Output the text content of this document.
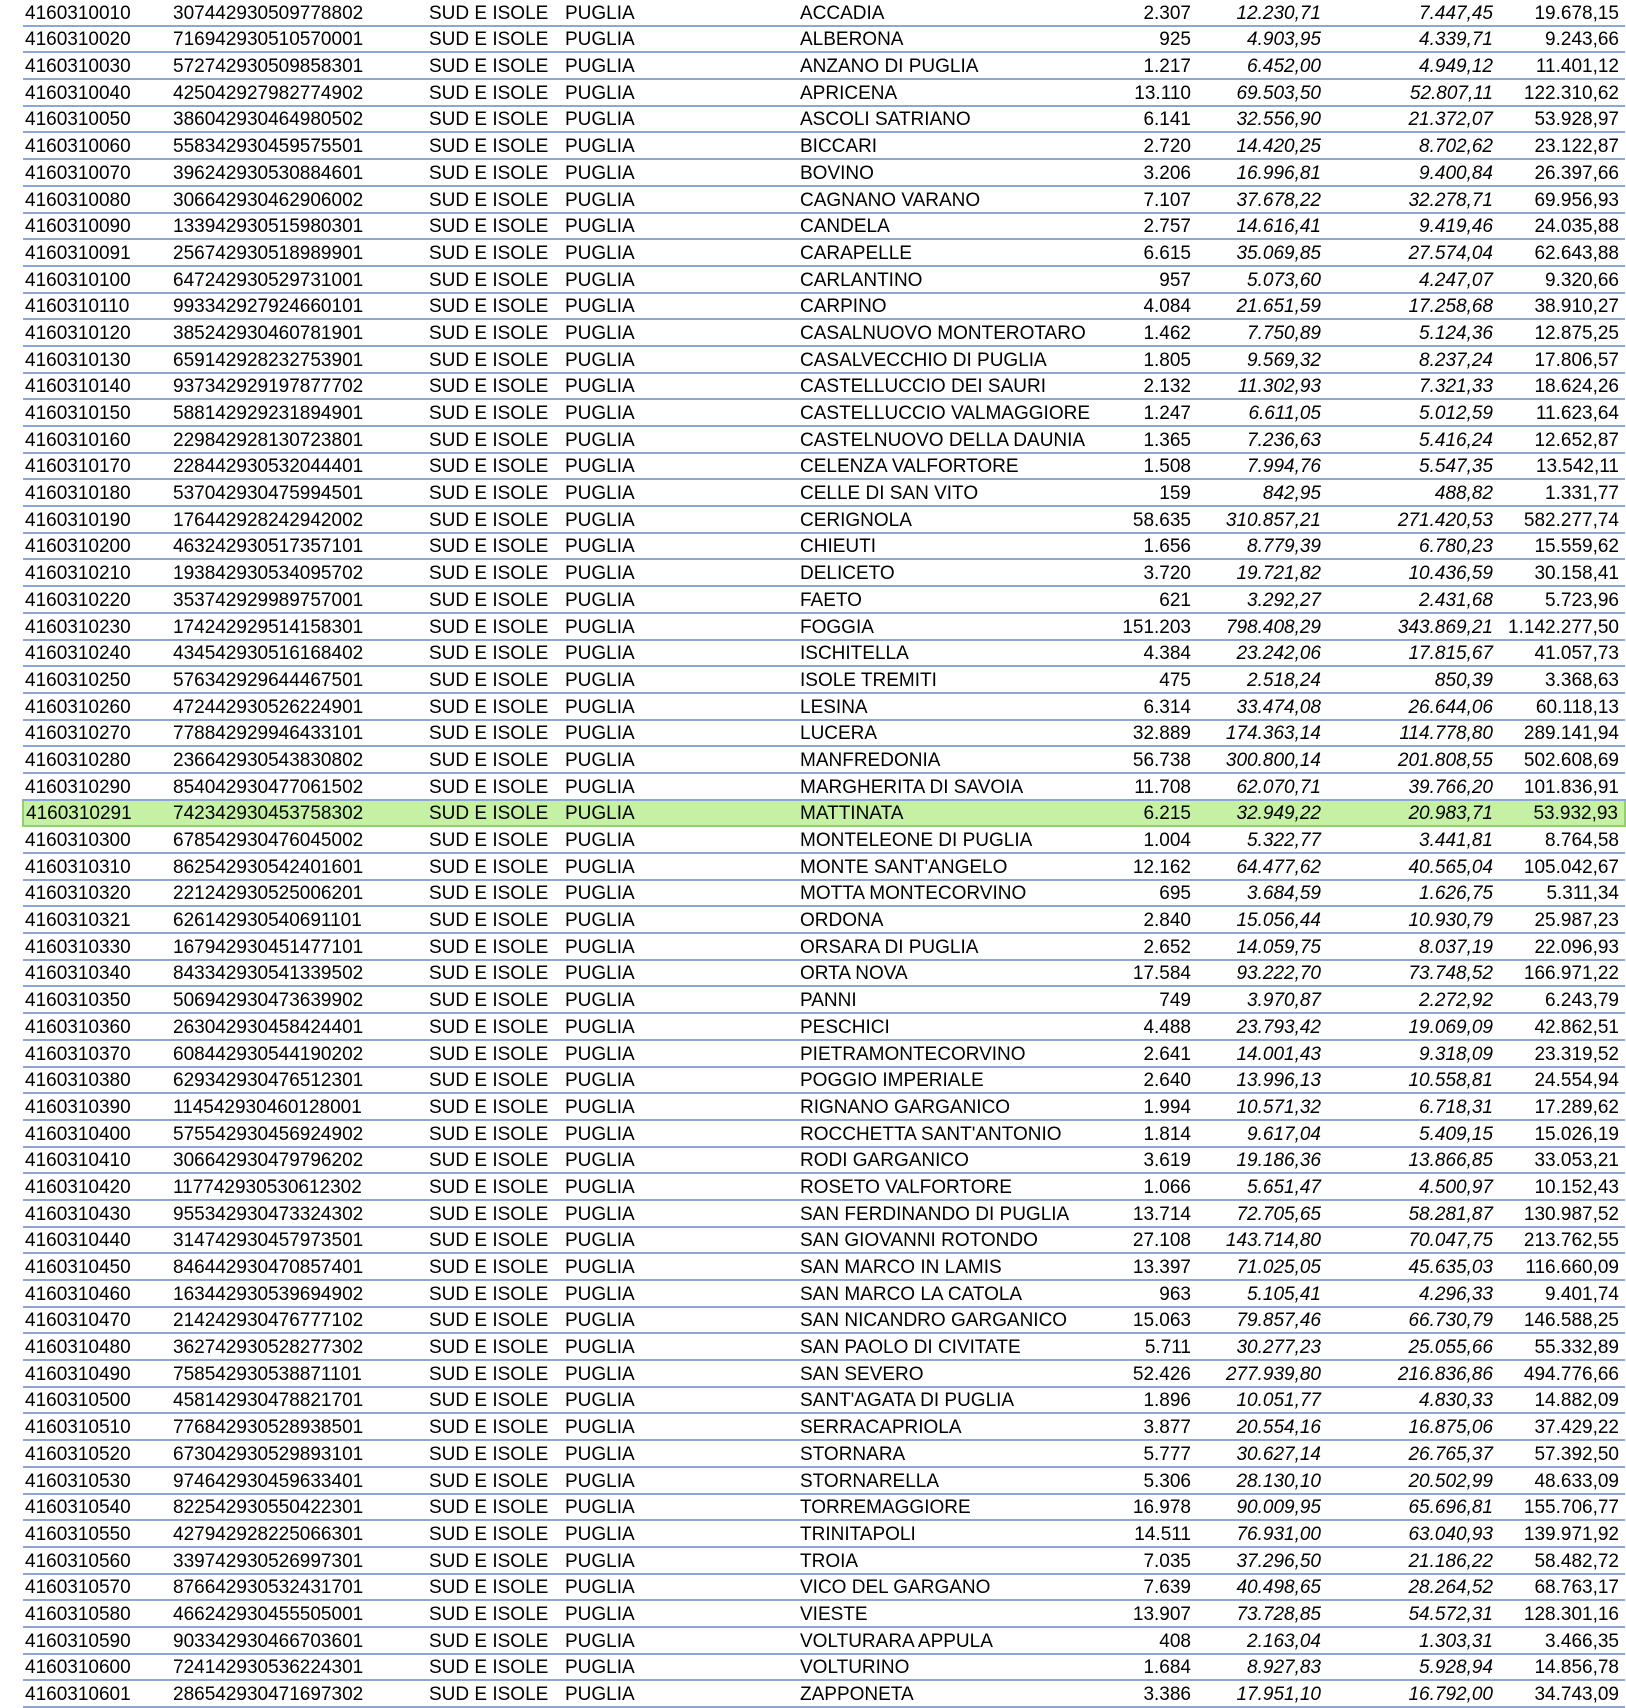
4160310010	307442930509778802	SUD E ISOLE	PUGLIA	ACCADIA	2.307	12.230,71	7.447,45	19.678,15
4160310020	716942930510570001	SUD E ISOLE	PUGLIA	ALBERONA	925	4.903,95	4.339,71	9.243,66
4160310030	572742930509858301	SUD E ISOLE	PUGLIA	ANZANO DI PUGLIA	1.217	6.452,00	4.949,12	11.401,12
4160310040	425042927982774902	SUD E ISOLE	PUGLIA	APRICENA	13.110	69.503,50	52.807,11	122.310,62
4160310050	386042930464980502	SUD E ISOLE	PUGLIA	ASCOLI SATRIANO	6.141	32.556,90	21.372,07	53.928,97
4160310060	558342930459575501	SUD E ISOLE	PUGLIA	BICCARI	2.720	14.420,25	8.702,62	23.122,87
4160310070	396242930530884601	SUD E ISOLE	PUGLIA	BOVINO	3.206	16.996,81	9.400,84	26.397,66
4160310080	306642930462906002	SUD E ISOLE	PUGLIA	CAGNANO VARANO	7.107	37.678,22	32.278,71	69.956,93
4160310090	133942930515980301	SUD E ISOLE	PUGLIA	CANDELA	2.757	14.616,41	9.419,46	24.035,88
4160310091	256742930518989901	SUD E ISOLE	PUGLIA	CARAPELLE	6.615	35.069,85	27.574,04	62.643,88
4160310100	647242930529731001	SUD E ISOLE	PUGLIA	CARLANTINO	957	5.073,60	4.247,07	9.320,66
4160310110	993342927924660101	SUD E ISOLE	PUGLIA	CARPINO	4.084	21.651,59	17.258,68	38.910,27
4160310120	385242930460781901	SUD E ISOLE	PUGLIA	CASALNUOVO MONTEROTARO	1.462	7.750,89	5.124,36	12.875,25
4160310130	659142928232753901	SUD E ISOLE	PUGLIA	CASALVECCHIO DI PUGLIA	1.805	9.569,32	8.237,24	17.806,57
4160310140	937342929197877702	SUD E ISOLE	PUGLIA	CASTELLUCCIO DEI SAURI	2.132	11.302,93	7.321,33	18.624,26
4160310150	588142929231894901	SUD E ISOLE	PUGLIA	CASTELLUCCIO VALMAGGIORE	1.247	6.611,05	5.012,59	11.623,64
4160310160	229842928130723801	SUD E ISOLE	PUGLIA	CASTELNUOVO DELLA DAUNIA	1.365	7.236,63	5.416,24	12.652,87
4160310170	228442930532044401	SUD E ISOLE	PUGLIA	CELENZA VALFORTORE	1.508	7.994,76	5.547,35	13.542,11
4160310180	537042930475994501	SUD E ISOLE	PUGLIA	CELLE DI SAN VITO	159	842,95	488,82	1.331,77
4160310190	176442928242942002	SUD E ISOLE	PUGLIA	CERIGNOLA	58.635	310.857,21	271.420,53	582.277,74
4160310200	463242930517357101	SUD E ISOLE	PUGLIA	CHIEUTI	1.656	8.779,39	6.780,23	15.559,62
4160310210	193842930534095702	SUD E ISOLE	PUGLIA	DELICETO	3.720	19.721,82	10.436,59	30.158,41
4160310220	353742929989757001	SUD E ISOLE	PUGLIA	FAETO	621	3.292,27	2.431,68	5.723,96
4160310230	174242929514158301	SUD E ISOLE	PUGLIA	FOGGIA	151.203	798.408,29	343.869,21	1.142.277,50
4160310240	434542930516168402	SUD E ISOLE	PUGLIA	ISCHITELLA	4.384	23.242,06	17.815,67	41.057,73
4160310250	576342929644467501	SUD E ISOLE	PUGLIA	ISOLE TREMITI	475	2.518,24	850,39	3.368,63
4160310260	472442930526224901	SUD E ISOLE	PUGLIA	LESINA	6.314	33.474,08	26.644,06	60.118,13
4160310270	778842929946433101	SUD E ISOLE	PUGLIA	LUCERA	32.889	174.363,14	114.778,80	289.141,94
4160310280	236642930543830802	SUD E ISOLE	PUGLIA	MANFREDONIA	56.738	300.800,14	201.808,55	502.608,69
4160310290	854042930477061502	SUD E ISOLE	PUGLIA	MARGHERITA DI SAVOIA	11.708	62.070,71	39.766,20	101.836,91
4160310291	742342930453758302	SUD E ISOLE	PUGLIA	MATTINATA	6.215	32.949,22	20.983,71	53.932,93
4160310300	678542930476045002	SUD E ISOLE	PUGLIA	MONTELEONE DI PUGLIA	1.004	5.322,77	3.441,81	8.764,58
4160310310	862542930542401601	SUD E ISOLE	PUGLIA	MONTE SANT'ANGELO	12.162	64.477,62	40.565,04	105.042,67
4160310320	221242930525006201	SUD E ISOLE	PUGLIA	MOTTA MONTECORVINO	695	3.684,59	1.626,75	5.311,34
4160310321	626142930540691101	SUD E ISOLE	PUGLIA	ORDONA	2.840	15.056,44	10.930,79	25.987,23
4160310330	167942930451477101	SUD E ISOLE	PUGLIA	ORSARA DI PUGLIA	2.652	14.059,75	8.037,19	22.096,93
4160310340	843342930541339502	SUD E ISOLE	PUGLIA	ORTA NOVA	17.584	93.222,70	73.748,52	166.971,22
4160310350	506942930473639902	SUD E ISOLE	PUGLIA	PANNI	749	3.970,87	2.272,92	6.243,79
4160310360	263042930458424401	SUD E ISOLE	PUGLIA	PESCHICI	4.488	23.793,42	19.069,09	42.862,51
4160310370	608442930544190202	SUD E ISOLE	PUGLIA	PIETRAMONTECORVINO	2.641	14.001,43	9.318,09	23.319,52
4160310380	629342930476512301	SUD E ISOLE	PUGLIA	POGGIO IMPERIALE	2.640	13.996,13	10.558,81	24.554,94
4160310390	114542930460128001	SUD E ISOLE	PUGLIA	RIGNANO GARGANICO	1.994	10.571,32	6.718,31	17.289,62
4160310400	575542930456924902	SUD E ISOLE	PUGLIA	ROCCHETTA SANT'ANTONIO	1.814	9.617,04	5.409,15	15.026,19
4160310410	306642930479796202	SUD E ISOLE	PUGLIA	RODI GARGANICO	3.619	19.186,36	13.866,85	33.053,21
4160310420	117742930530612302	SUD E ISOLE	PUGLIA	ROSETO VALFORTORE	1.066	5.651,47	4.500,97	10.152,43
4160310430	955342930473324302	SUD E ISOLE	PUGLIA	SAN FERDINANDO DI PUGLIA	13.714	72.705,65	58.281,87	130.987,52
4160310440	314742930457973501	SUD E ISOLE	PUGLIA	SAN GIOVANNI ROTONDO	27.108	143.714,80	70.047,75	213.762,55
4160310450	846442930470857401	SUD E ISOLE	PUGLIA	SAN MARCO IN LAMIS	13.397	71.025,05	45.635,03	116.660,09
4160310460	163442930539694902	SUD E ISOLE	PUGLIA	SAN MARCO LA CATOLA	963	5.105,41	4.296,33	9.401,74
4160310470	214242930476777102	SUD E ISOLE	PUGLIA	SAN NICANDRO GARGANICO	15.063	79.857,46	66.730,79	146.588,25
4160310480	362742930528277302	SUD E ISOLE	PUGLIA	SAN PAOLO DI CIVITATE	5.711	30.277,23	25.055,66	55.332,89
4160310490	758542930538871101	SUD E ISOLE	PUGLIA	SAN SEVERO	52.426	277.939,80	216.836,86	494.776,66
4160310500	458142930478821701	SUD E ISOLE	PUGLIA	SANT'AGATA DI PUGLIA	1.896	10.051,77	4.830,33	14.882,09
4160310510	776842930528938501	SUD E ISOLE	PUGLIA	SERRACAPRIOLA	3.877	20.554,16	16.875,06	37.429,22
4160310520	673042930529893101	SUD E ISOLE	PUGLIA	STORNARA	5.777	30.627,14	26.765,37	57.392,50
4160310530	974642930459633401	SUD E ISOLE	PUGLIA	STORNARELLA	5.306	28.130,10	20.502,99	48.633,09
4160310540	822542930550422301	SUD E ISOLE	PUGLIA	TORREMAGGIORE	16.978	90.009,95	65.696,81	155.706,77
4160310550	427942928225066301	SUD E ISOLE	PUGLIA	TRINITAPOLI	14.511	76.931,00	63.040,93	139.971,92
4160310560	339742930526997301	SUD E ISOLE	PUGLIA	TROIA	7.035	37.296,50	21.186,22	58.482,72
4160310570	876642930532431701	SUD E ISOLE	PUGLIA	VICO DEL GARGANO	7.639	40.498,65	28.264,52	68.763,17
4160310580	466242930455505001	SUD E ISOLE	PUGLIA	VIESTE	13.907	73.728,85	54.572,31	128.301,16
4160310590	903342930466703601	SUD E ISOLE	PUGLIA	VOLTURARA APPULA	408	2.163,04	1.303,31	3.466,35
4160310600	724142930536224301	SUD E ISOLE	PUGLIA	VOLTURINO	1.684	8.927,83	5.928,94	14.856,78
4160310601	286542930471697302	SUD E ISOLE	PUGLIA	ZAPPONETA	3.386	17.951,10	16.792,00	34.743,09
